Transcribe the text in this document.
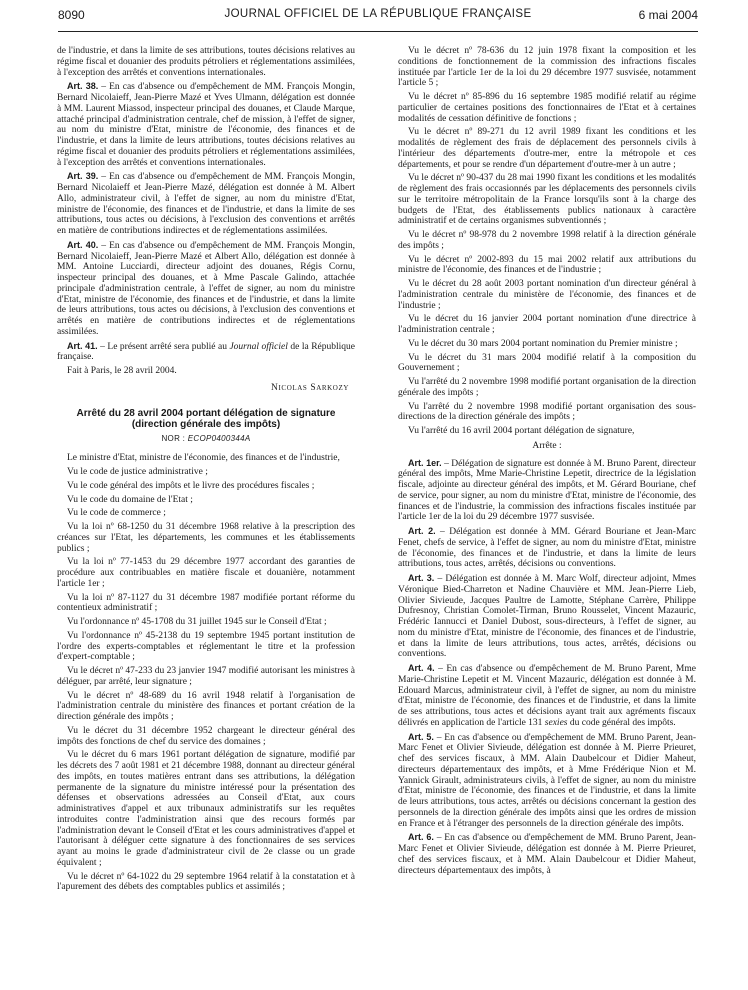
8090	JOURNAL OFFICIEL DE LA RÉPUBLIQUE FRANÇAISE	6 mai 2004

de l'industrie, et dans la limite de ses attributions, toutes décisions relatives au régime fiscal et douanier des produits pétroliers et réglementations assimilées, à l'exception des arrêtés et conventions internationales.

Art. 38. – En cas d'absence ou d'empêchement de MM. François Mongin, Bernard Nicolaieff, Jean-Pierre Mazé et Yves Ulmann, délégation est donnée à MM. Laurent Miassod, inspecteur principal des douanes, et Claude Marque, attaché principal d'administration centrale, chef de mission, à l'effet de signer, au nom du ministre d'Etat, ministre de l'économie, des finances et de l'industrie, et dans la limite de leurs attributions, toutes décisions relatives au régime fiscal et douanier des produits pétroliers et réglementations assimilées, à l'exception des arrêtés et conventions internationales.

Art. 39. – En cas d'absence ou d'empêchement de MM. François Mongin, Bernard Nicolaieff et Jean-Pierre Mazé, délégation est donnée à M. Albert Allo, administrateur civil, à l'effet de signer, au nom du ministre d'Etat, ministre de l'économie, des finances et de l'industrie, et dans la limite de ses attributions, tous actes ou décisions, à l'exclusion des conventions et arrêtés en matière de contributions indirectes et de réglementations assimilées.

Art. 40. – En cas d'absence ou d'empêchement de MM. François Mongin, Bernard Nicolaieff, Jean-Pierre Mazé et Albert Allo, délégation est donnée à MM. Antoine Lucciardi, directeur adjoint des douanes, Régis Cornu, inspecteur principal des douanes, et à Mme Pascale Galindo, attachée principale d'administration centrale, à l'effet de signer, au nom du ministre d'Etat, ministre de l'économie, des finances et de l'industrie, et dans la limite de leurs attributions, tous actes ou décisions, à l'exclusion des conventions et arrêtés en matière de contributions indirectes et de réglementations assimilées.

Art. 41. – Le présent arrêté sera publié au Journal officiel de la République française.

Fait à Paris, le 28 avril 2004.

Nicolas Sarkozy

Arrêté du 28 avril 2004 portant délégation de signature (direction générale des impôts)
NOR : ECOP0400344A

Le ministre d'Etat, ministre de l'économie, des finances et de l'industrie,

Vu le code de justice administrative ;

Vu le code général des impôts et le livre des procédures fiscales ;

Vu le code du domaine de l'Etat ;

Vu le code de commerce ;

Vu la loi nº 68-1250 du 31 décembre 1968 relative à la prescription des créances sur l'Etat, les départements, les communes et les établissements publics ;

Vu la loi nº 77-1453 du 29 décembre 1977 accordant des garanties de procédure aux contribuables en matière fiscale et douanière, notamment l'article 1er ;

Vu la loi nº 87-1127 du 31 décembre 1987 modifiée portant réforme du contentieux administratif ;

Vu l'ordonnance nº 45-1708 du 31 juillet 1945 sur le Conseil d'Etat ;

Vu l'ordonnance nº 45-2138 du 19 septembre 1945 portant institution de l'ordre des experts-comptables et réglementant le titre et la profession d'expert-comptable ;

Vu le décret nº 47-233 du 23 janvier 1947 modifié autorisant les ministres à déléguer, par arrêté, leur signature ;

Vu le décret nº 48-689 du 16 avril 1948 relatif à l'organisation de l'administration centrale du ministère des finances et portant création de la direction générale des impôts ;

Vu le décret du 31 décembre 1952 chargeant le directeur général des impôts des fonctions de chef du service des domaines ;

Vu le décret du 6 mars 1961 portant délégation de signature, modifié par les décrets des 7 août 1981 et 21 décembre 1988, donnant au directeur général des impôts, en toutes matières entrant dans ses attributions, la délégation permanente de la signature du ministre intéressé pour la présentation des défenses et observations adressées au Conseil d'Etat, aux cours administratives d'appel et aux tribunaux administratifs sur les requêtes introduites contre l'administration ainsi que des recours formés par l'administration devant le Conseil d'Etat et les cours administratives d'appel et l'autorisant à déléguer cette signature à des fonctionnaires de ses services ayant au moins le grade d'administrateur civil de 2e classe ou un grade équivalent ;

Vu le décret nº 64-1022 du 29 septembre 1964 relatif à la constatation et à l'apurement des débets des comptables publics et assimilés ;

Vu le décret nº 78-636 du 12 juin 1978 fixant la composition et les conditions de fonctionnement de la commission des infractions fiscales instituée par l'article 1er de la loi du 29 décembre 1977 susvisée, notamment l'article 5 ;

Vu le décret nº 85-896 du 16 septembre 1985 modifié relatif au régime particulier de certaines positions des fonctionnaires de l'Etat et à certaines modalités de cessation définitive de fonctions ;

Vu le décret nº 89-271 du 12 avril 1989 fixant les conditions et les modalités de règlement des frais de déplacement des personnels civils à l'intérieur des départements d'outre-mer, entre la métropole et ces départements, et pour se rendre d'un département d'outre-mer à un autre ;

Vu le décret nº 90-437 du 28 mai 1990 fixant les conditions et les modalités de règlement des frais occasionnés par les déplacements des personnels civils sur le territoire métropolitain de la France lorsqu'ils sont à la charge des budgets de l'Etat, des établissements publics nationaux à caractère administratif et de certains organismes subventionnés ;

Vu le décret nº 98-978 du 2 novembre 1998 relatif à la direction générale des impôts ;

Vu le décret nº 2002-893 du 15 mai 2002 relatif aux attributions du ministre de l'économie, des finances et de l'industrie ;

Vu le décret du 28 août 2003 portant nomination d'un directeur général à l'administration centrale du ministère de l'économie, des finances et de l'industrie ;

Vu le décret du 16 janvier 2004 portant nomination d'une directrice à l'administration centrale ;

Vu le décret du 30 mars 2004 portant nomination du Premier ministre ;

Vu le décret du 31 mars 2004 modifié relatif à la composition du Gouvernement ;

Vu l'arrêté du 2 novembre 1998 modifié portant organisation de la direction générale des impôts ;

Vu l'arrêté du 2 novembre 1998 modifié portant organisation des sous-directions de la direction générale des impôts ;

Vu l'arrêté du 16 avril 2004 portant délégation de signature,

Arrête :

Art. 1er. – Délégation de signature est donnée à M. Bruno Parent, directeur général des impôts, Mme Marie-Christine Lepetit, directrice de la législation fiscale, adjointe au directeur général des impôts, et M. Gérard Bouriane, chef de service, pour signer, au nom du ministre d'Etat, ministre de l'économie, des finances et de l'industrie, la commission des infractions fiscales instituée par l'article 1er de la loi du 29 décembre 1977 susvisée.

Art. 2. – Délégation est donnée à MM. Gérard Bouriane et Jean-Marc Fenet, chefs de service, à l'effet de signer, au nom du ministre d'Etat, ministre de l'économie, des finances et de l'industrie, et dans la limite de leurs attributions, tous actes, arrêtés, décisions ou conventions.

Art. 3. – Délégation est donnée à M. Marc Wolf, directeur adjoint, Mmes Véronique Bied-Charreton et Nadine Chauvière et MM. Jean-Pierre Lieb, Olivier Sivieude, Jacques Paultre de Lamotte, Stéphane Carrère, Philippe Dufresnoy, Christian Comolet-Tirman, Bruno Rousselet, Vincent Mazauric, Frédéric Iannucci et Daniel Dubost, sous-directeurs, à l'effet de signer, au nom du ministre d'Etat, ministre de l'économie, des finances et de l'industrie, et dans la limite de leurs attributions, tous actes, arrêtés, décisions ou conventions.

Art. 4. – En cas d'absence ou d'empêchement de M. Bruno Parent, Mme Marie-Christine Lepetit et M. Vincent Mazauric, délégation est donnée à M. Edouard Marcus, administrateur civil, à l'effet de signer, au nom du ministre d'Etat, ministre de l'économie, des finances et de l'industrie, et dans la limite de ses attributions, tous actes et décisions ayant trait aux agréments fiscaux délivrés en application de l'article 131 sexies du code général des impôts.

Art. 5. – En cas d'absence ou d'empêchement de MM. Bruno Parent, Jean-Marc Fenet et Olivier Sivieude, délégation est donnée à M. Pierre Prieuret, chef des services fiscaux, à MM. Alain Daubelcour et Didier Maheut, directeurs départementaux des impôts, et à Mme Frédérique Nion et M. Yannick Girault, administrateurs civils, à l'effet de signer, au nom du ministre d'Etat, ministre de l'économie, des finances et de l'industrie, et dans la limite de leurs attributions, tous actes, arrêtés ou décisions concernant la gestion des personnels de la direction générale des impôts ainsi que les ordres de mission en France et à l'étranger des personnels de la direction générale des impôts.

Art. 6. – En cas d'absence ou d'empêchement de MM. Bruno Parent, Jean-Marc Fenet et Olivier Sivieude, délégation est donnée à M. Pierre Prieuret, chef des services fiscaux, et à MM. Alain Daubelcour et Didier Maheut, directeurs départementaux des impôts, à
